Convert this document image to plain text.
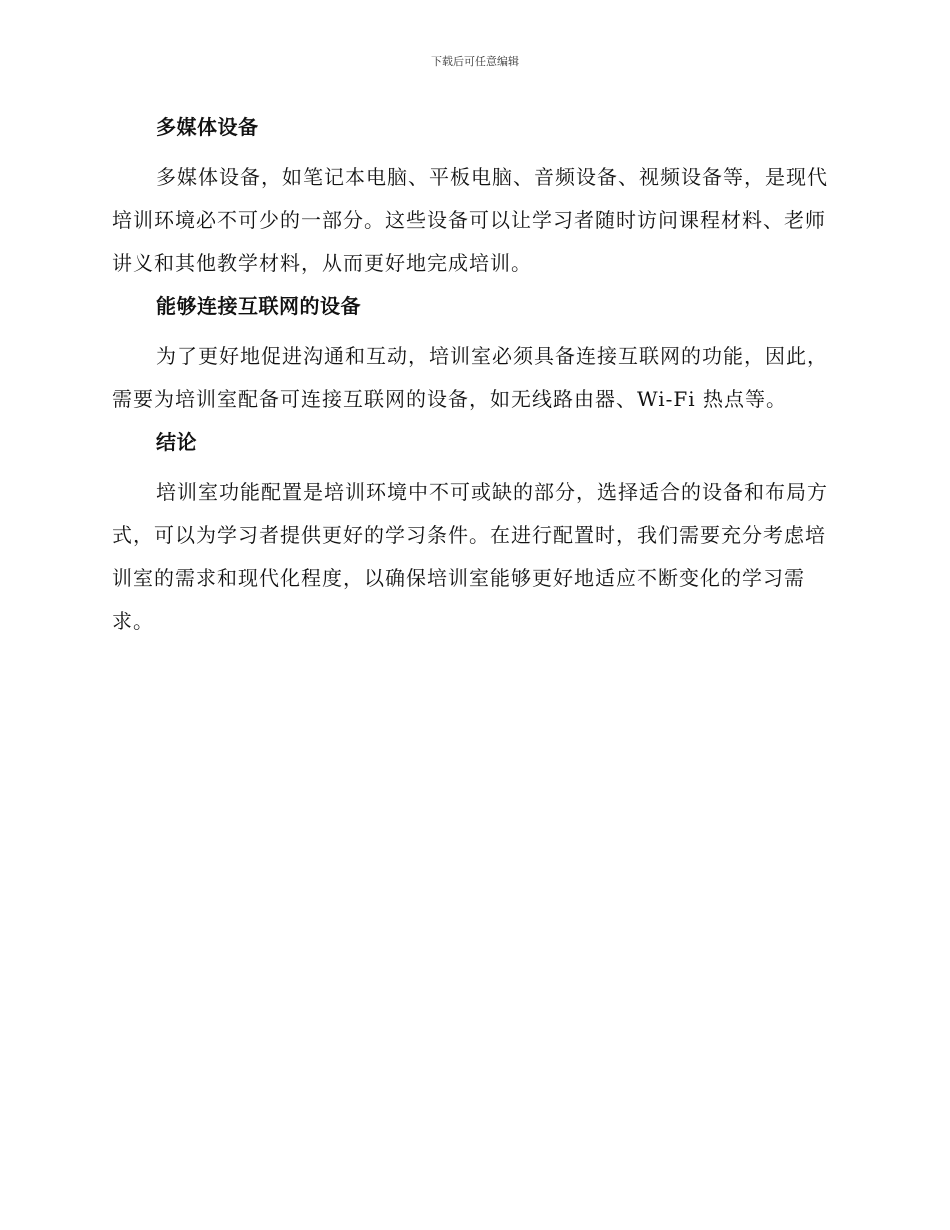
下载后可任意编辑
多媒体设备

多媒体设备，如笔记本电脑、平板电脑、音频设备、视频设备等，是现代培训环境必不可少的一部分。这些设备可以让学习者随时访问课程材料、老师讲义和其他教学材料，从而更好地完成培训。

能够连接互联网的设备

为了更好地促进沟通和互动，培训室必须具备连接互联网的功能，因此，需要为培训室配备可连接互联网的设备，如无线路由器、Wi-Fi 热点等。

结论

培训室功能配置是培训环境中不可或缺的部分，选择适合的设备和布局方式，可以为学习者提供更好的学习条件。在进行配置时，我们需要充分考虑培训室的需求和现代化程度，以确保培训室能够更好地适应不断变化的学习需求。
